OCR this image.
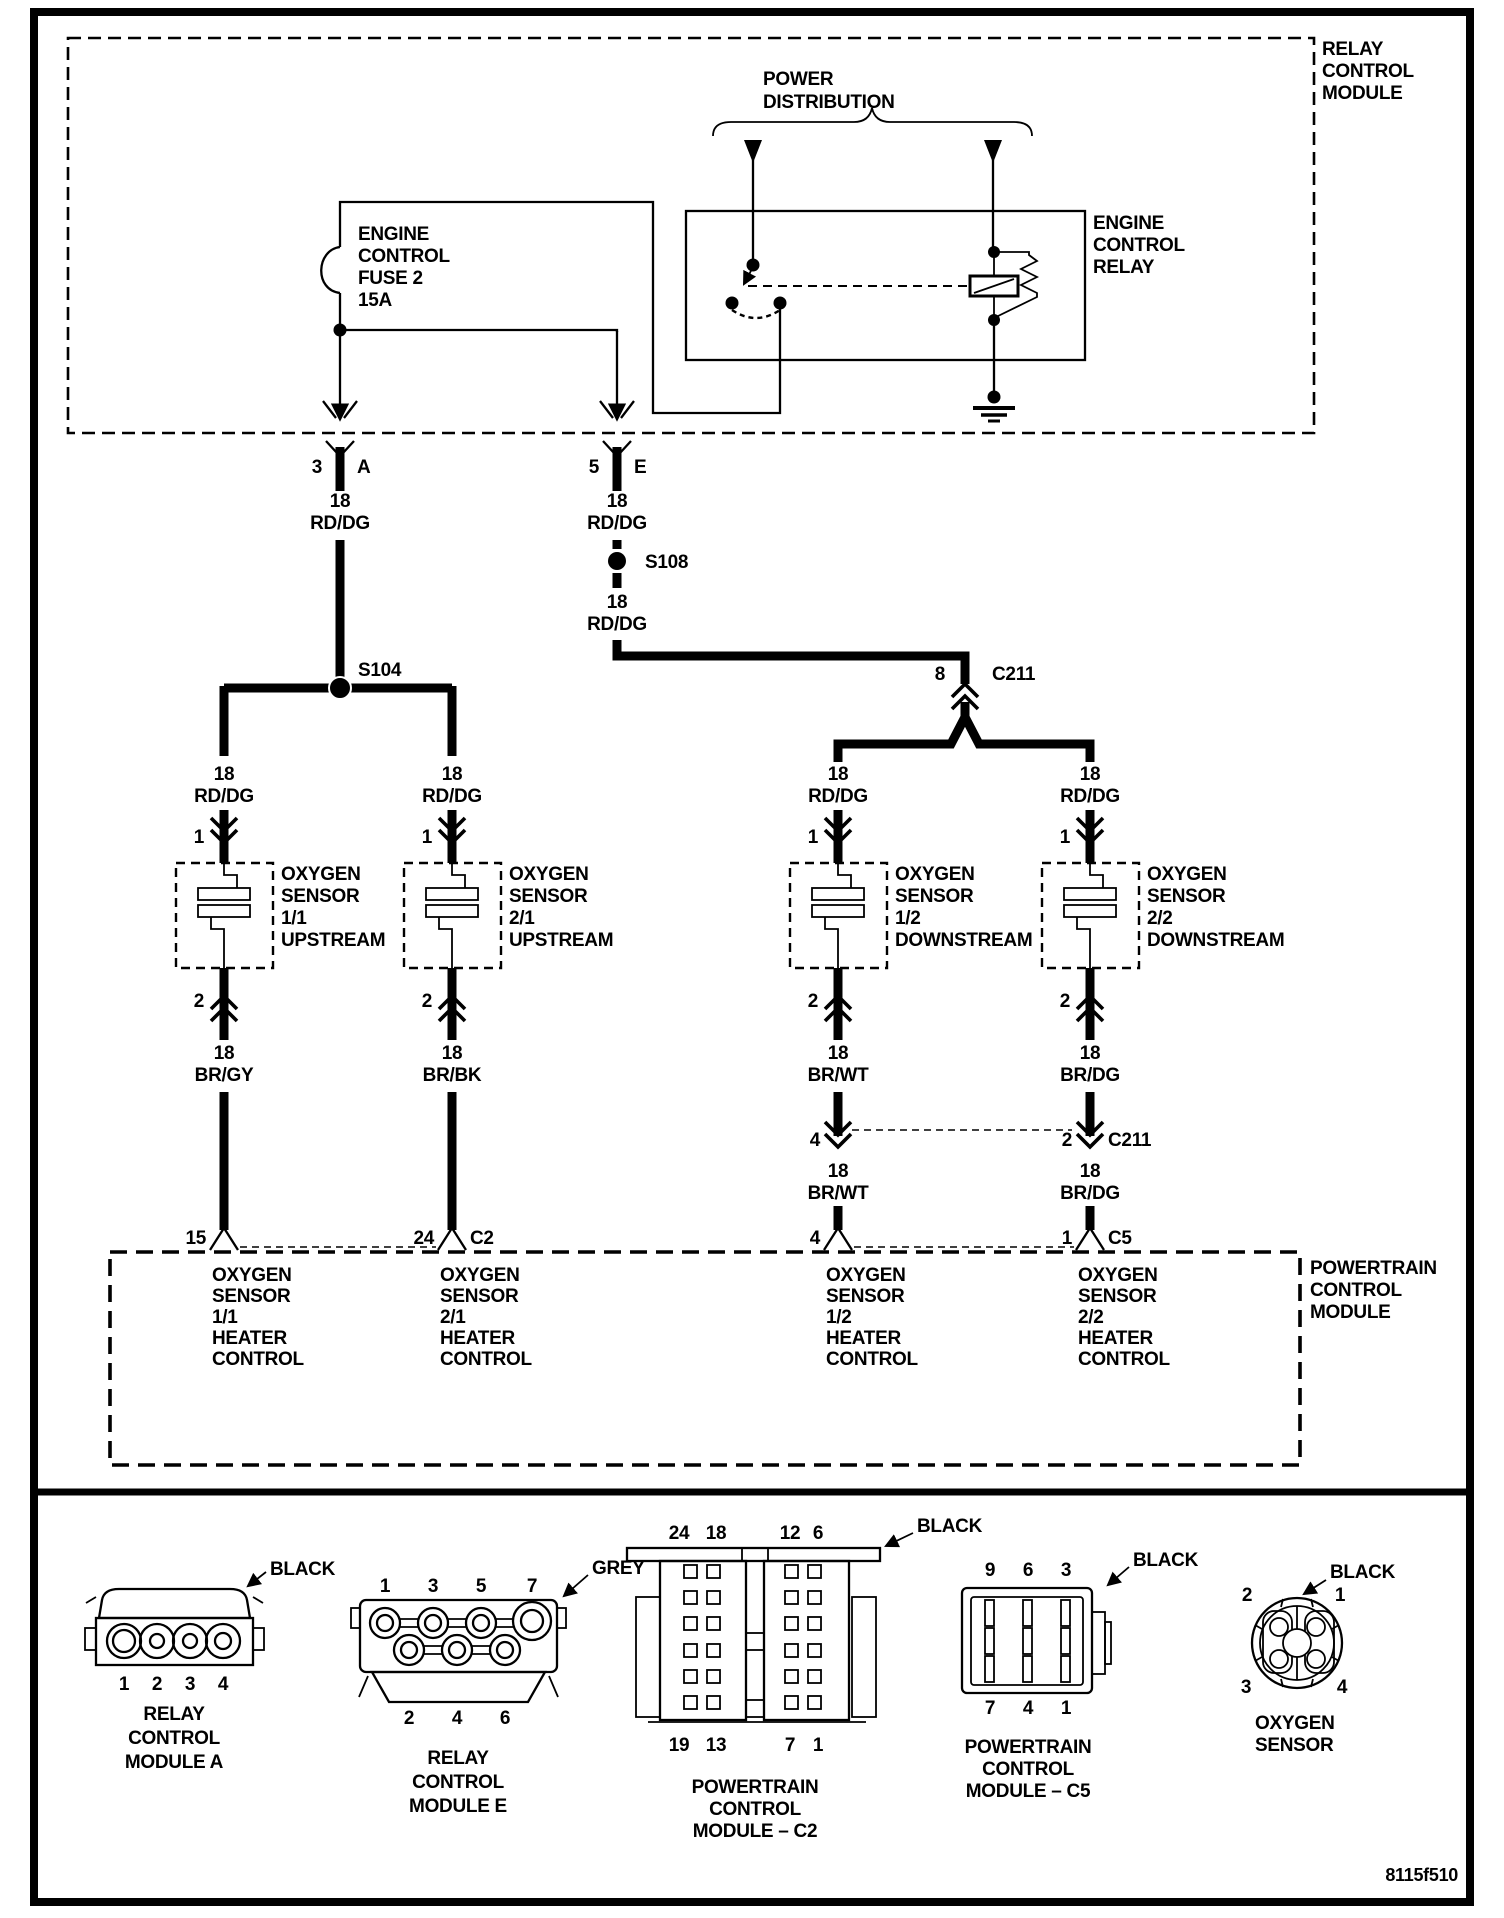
RELAY
CONTROL
MODULE
POWER
DISTRIBUTION
ENGINE
CONTROL
RELAY
ENGINE
CONTROL
FUSE 2
15A
3 A
18
RD/DG
5 E
18
RD/DG
S104
S108
18
RD/DG
8 C211
18
RD/DG
1
OXYGEN
SENSOR
1/1
UPSTREAM
2
18
BR/GY
15
18
RD/DG
1
OXYGEN
SENSOR
2/1
UPSTREAM
2
18
BR/BK
24 C2
18
RD/DG
1
OXYGEN
SENSOR
1/2
DOWNSTREAM
2
18
BR/WT
4
18
BR/WT
4
18
RD/DG
1
OXYGEN
SENSOR
2/2
DOWNSTREAM
2
18
BR/DG
2 C211
18
BR/DG
1 C5
POWERTRAIN
CONTROL
MODULE
OXYGEN
SENSOR
1/1
HEATER
CONTROL
OXYGEN
SENSOR
2/1
HEATER
CONTROL
OXYGEN
SENSOR
1/2
HEATER
CONTROL
OXYGEN
SENSOR
2/2
HEATER
CONTROL
BLACK
1 2 3 4
RELAY
CONTROL
MODULE A
GREY
1 3 5 7
2 4 6
RELAY
CONTROL
MODULE E
BLACK
24 18	12 6
19 13	7 1
POWERTRAIN
CONTROL
MODULE – C2
BLACK
9 6 3
7 4 1
POWERTRAIN
CONTROL
MODULE – C5
BLACK
2	1
3	4
OXYGEN
SENSOR
8115f510
